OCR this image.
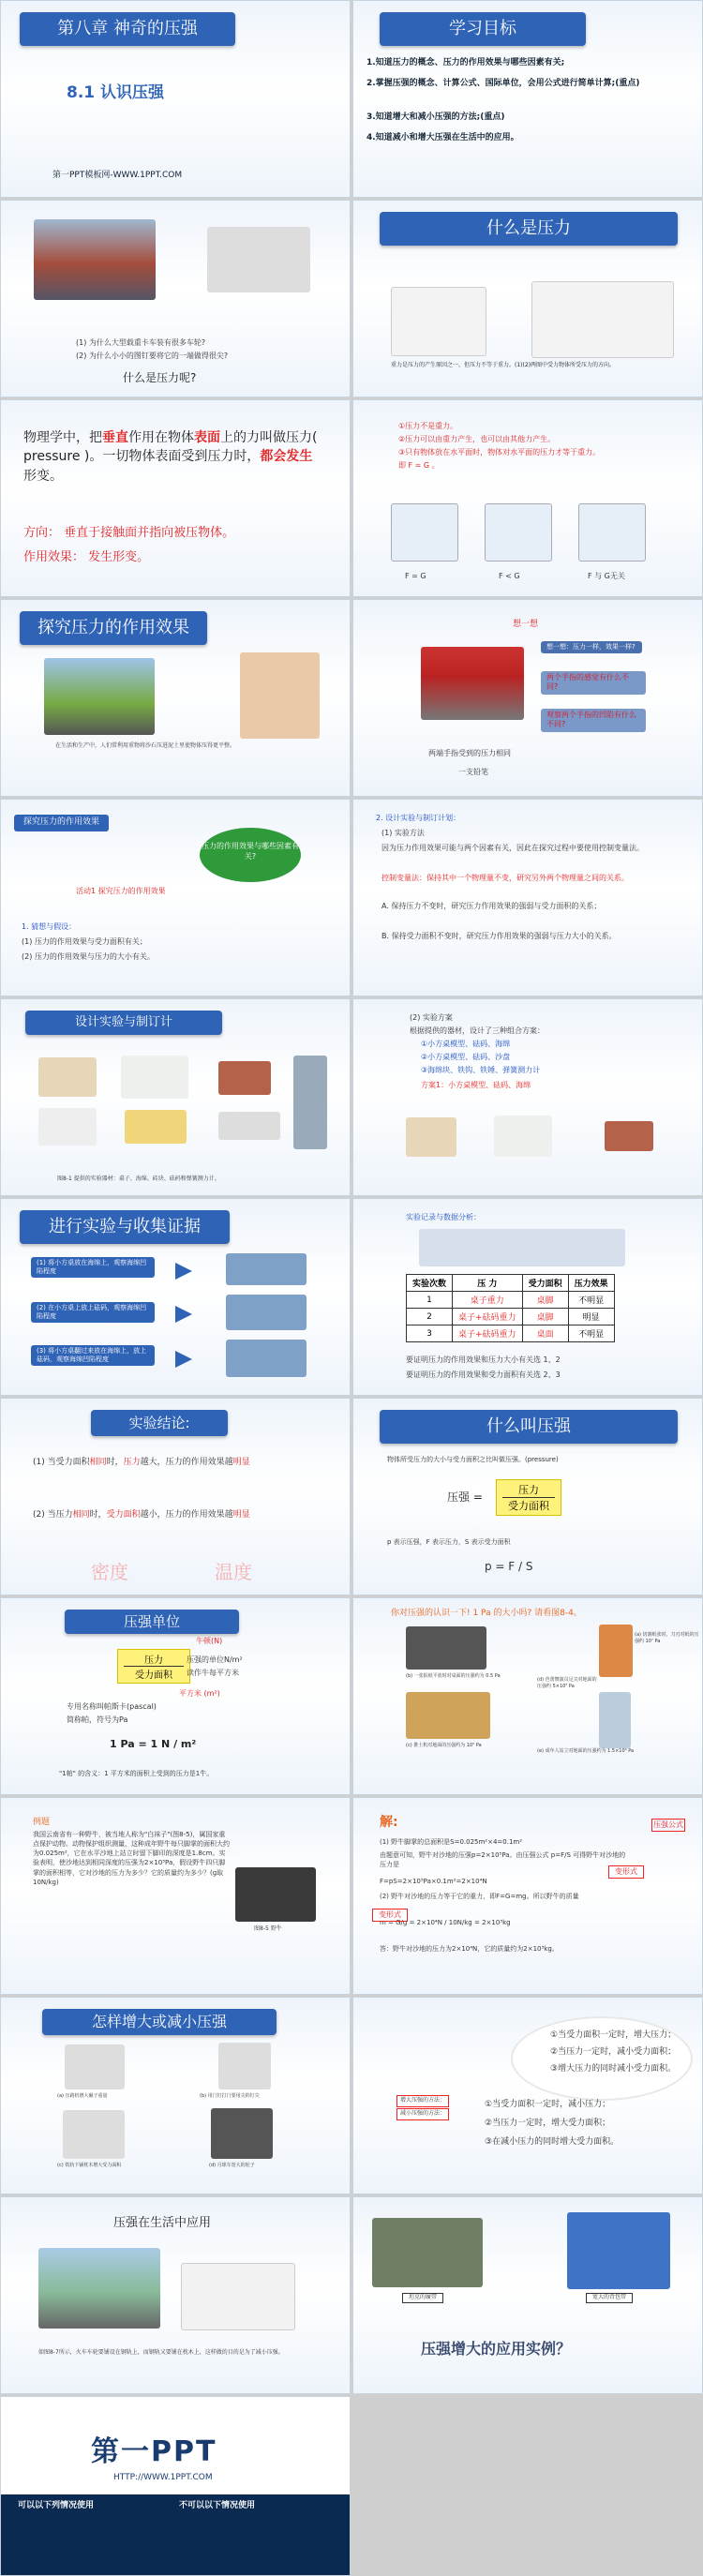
第八章 神奇的压强
8.1 认识压强
第一PPT模板网-WWW.1PPT.COM
学习目标
1.知道压力的概念、压力的作用效果与哪些因素有关;
2.掌握压强的概念、计算公式、国际单位，会用公式进行简单计算;(重点)
3.知道增大和减小压强的方法;(重点)
4.知道减小和增大压强在生活中的应用。
(1) 为什么大型载重卡车装有很多车轮?
(2) 为什么小小的图钉要将它的一端做得很尖?
什么是压力呢?
什么是压力
重力是压力的产生原因之一，但压力不等于重力。(1)(2)两图中受力物体所受压力的方向。
物理学中，把垂直作用在物体表面上的力叫做压力( pressure )。一切物体表面受到压力时，都会发生形变。
方向： 垂直于接触面并指向被压物体。
作用效果： 发生形变。
①压力不是重力。
②压力可以由重力产生，也可以由其他力产生。
③只有物体放在水平面时，物体对水平面的压力才等于重力。
即 F = G 。
F = G	F < G	F 与 G无关
探究压力的作用效果
在生活和生产中，人们常利用重物将沙石压进泥土里使物体压得更平整。
想一想
想一想：压力一样，效果一样?
两个手指的感觉有什么不同?
观察两个手指的凹陷有什么不同?
两端手指受到的压力相同
一支铅笔
探究压力的作用效果
压力的作用效果与哪些因素有关?
活动1 探究压力的作用效果
1. 猜想与假设：
(1) 压力的作用效果与受力面积有关；
(2) 压力的作用效果与压力的大小有关。
2. 设计实验与制订计划：
(1) 实验方法
因为压力作用效果可能与两个因素有关，因此在探究过程中要使用控制变量法。
控制变量法：保持其中一个物理量不变，研究另外两个物理量之间的关系。
A. 保持压力不变时，研究压力作用效果的强弱与受力面积的关系；
B. 保持受力面积不变时，研究压力作用效果的强弱与压力大小的关系。
设计实验与制订计
图8-1 提供的实验器材：桌子、海绵、砖块、砝码和弹簧测力计。
(2) 实验方案
根据提供的器材，设计了三种组合方案：
①小方桌模型、砝码、海绵
②小方桌模型、砝码、沙盘
③海绵块、铁钩、铁锤、弹簧测力计
方案1：小方桌模型、砝码、海绵
进行实验与收集证据
(1) 将小方桌放在海绵上，观察海绵凹陷程度
(2) 在小方桌上放上砝码，观察海绵凹陷程度
(3) 将小方桌翻过来放在海绵上，放上砝码，观察海绵凹陷程度
实验记录与数据分析：
实验次数	压 力	受力面积	压力效果
1	桌子重力	桌脚	不明显
2	桌子+砝码重力	桌脚	明显
3	桌子+砝码重力	桌面	不明显
要证明压力的作用效果和压力大小有关选 1、2
要证明压力的作用效果和受力面积有关选 2、3
实验结论:
(1) 当受力面积相同时，压力越大，压力的作用效果越明显
(2) 当压力相同时，受力面积越小，压力的作用效果越明显
密度	温度
什么叫压强
物体所受压力的大小与受力面积之比叫做压强。(pressure)
压强 =
压力
受力面积
p 表示压强，F 表示压力，S 表示受力面积
p = F / S
压强单位
牛顿(N)
压力
受力面积
压强的单位N/m²
读作牛每平方米
平方米 (m²)
专用名称叫帕斯卡(pascal)
简称帕，符号为Pa
1 Pa = 1 N / m²
"1帕" 的含义：1 平方米的面积上受到的压力是1牛。
你对压强的认识一下! 1 Pa 的大小吗? 请看图8-4。
(a) 切割纸张时，刀刃对纸的压强约 10⁷ Pa
(b) 一张报纸平放时对桌面的压强约为 0.5 Pa
(c) 推土机对地面的压强约为 10⁵ Pa
(d) 芭蕾舞演员足尖对地面的压强约 5×10⁵ Pa
(e) 成年人站立对地面的压强约为 1.5×10⁴ Pa
例题
我国云南省有一种野牛，被当地人称为"白袜子"(图8-5)，属国家重点保护动物。动物保护组织测量，这种成年野牛每只脚掌的面积大约为0.025m²，它在水平沙地上站立时留下脚印的深度是1.8cm。实验表明，使沙地达到相同深度的压强为2×10⁵Pa，假设野牛四只脚掌的面积相等，它对沙地的压力为多少？它的质量约为多少？(g取10N/kg)
图8-5 野牛
解:
(1) 野牛脚掌的总面积是S=0.025m²×4=0.1m²
由题意可知，野牛对沙地的压强p=2×10⁵Pa。由压强公式 p=F/S 可得野牛对沙地的压力是
F=pS=2×10⁵Pa×0.1m²=2×10⁴N
(2) 野牛对沙地的压力等于它的重力，即F=G=mg。所以野牛的质量
m = G/g = 2×10⁴N / 10N/kg = 2×10³kg
答：野牛对沙地的压力为2×10⁴N，它的质量约为2×10³kg。
压强公式
变形式
变形式
怎样增大或减小压强
(a) 压路机增大碾子重量	(b) 用门钉打门要用尖的钉尖
(c) 铁轨下铺枕木增大受力面积	(d) 月球车宽大的轮子
①当受力面积一定时，增大压力；
②当压力一定时，减小受力面积；
③增大压力的同时减小受力面积。
增大压强的方法：
减小压强的方法：
①当受力面积一定时，减小压力；
②当压力一定时，增大受力面积；
③在减小压力的同时增大受力面积。
压强在生活中应用
如图8-7所示，火车车轮要铺设在钢轨上，而钢轨又要铺在枕木上，这样做的目的是为了减小压强。
坦克的履带	宽大的背包带
压强增大的应用实例？
第一PPT
HTTP://WWW.1PPT.COM
可以以下列情况使用	不可以以下情况使用
